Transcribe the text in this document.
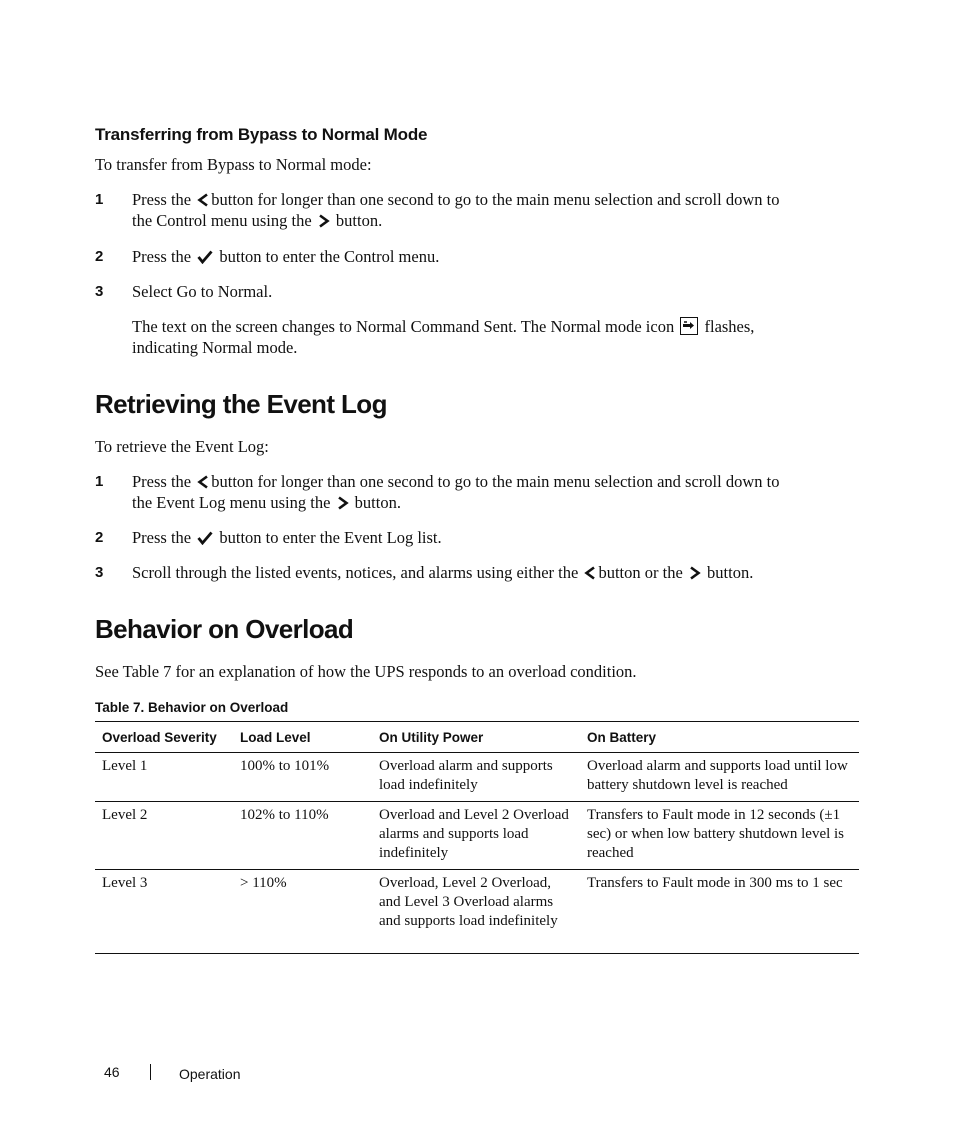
Transferring from Bypass to Normal Mode
To transfer from Bypass to Normal mode:
1 Press the button for longer than one second to go to the main menu selection and scroll down to
the Control menu using the button.
2 Press the button to enter the Control menu.
3 Select Go to Normal.
The text on the screen changes to Normal Command Sent. The Normal mode icon flashes,
indicating Normal mode.
Retrieving the Event Log
To retrieve the Event Log:
1 Press the button for longer than one second to go to the main menu selection and scroll down to
the Event Log menu using the button.
2 Press the button to enter the Event Log list.
3 Scroll through the listed events, notices, and alarms using either the button or the button.
Behavior on Overload
See Table 7 for an explanation of how the UPS responds to an overload condition.
Table 7. Behavior on Overload
Overload Severity	Load Level	On Utility Power	On Battery
Level 1	100% to 101%	Overload alarm and supports load indefinitely	Overload alarm and supports load until low battery shutdown level is reached
Level 2	102% to 110%	Overload and Level 2 Overload alarms and supports load indefinitely	Transfers to Fault mode in 12 seconds (±1 sec) or when low battery shutdown level is reached
Level 3	> 110%	Overload, Level 2 Overload, and Level 3 Overload alarms and supports load indefinitely	Transfers to Fault mode in 300 ms to 1 sec
46	Operation
